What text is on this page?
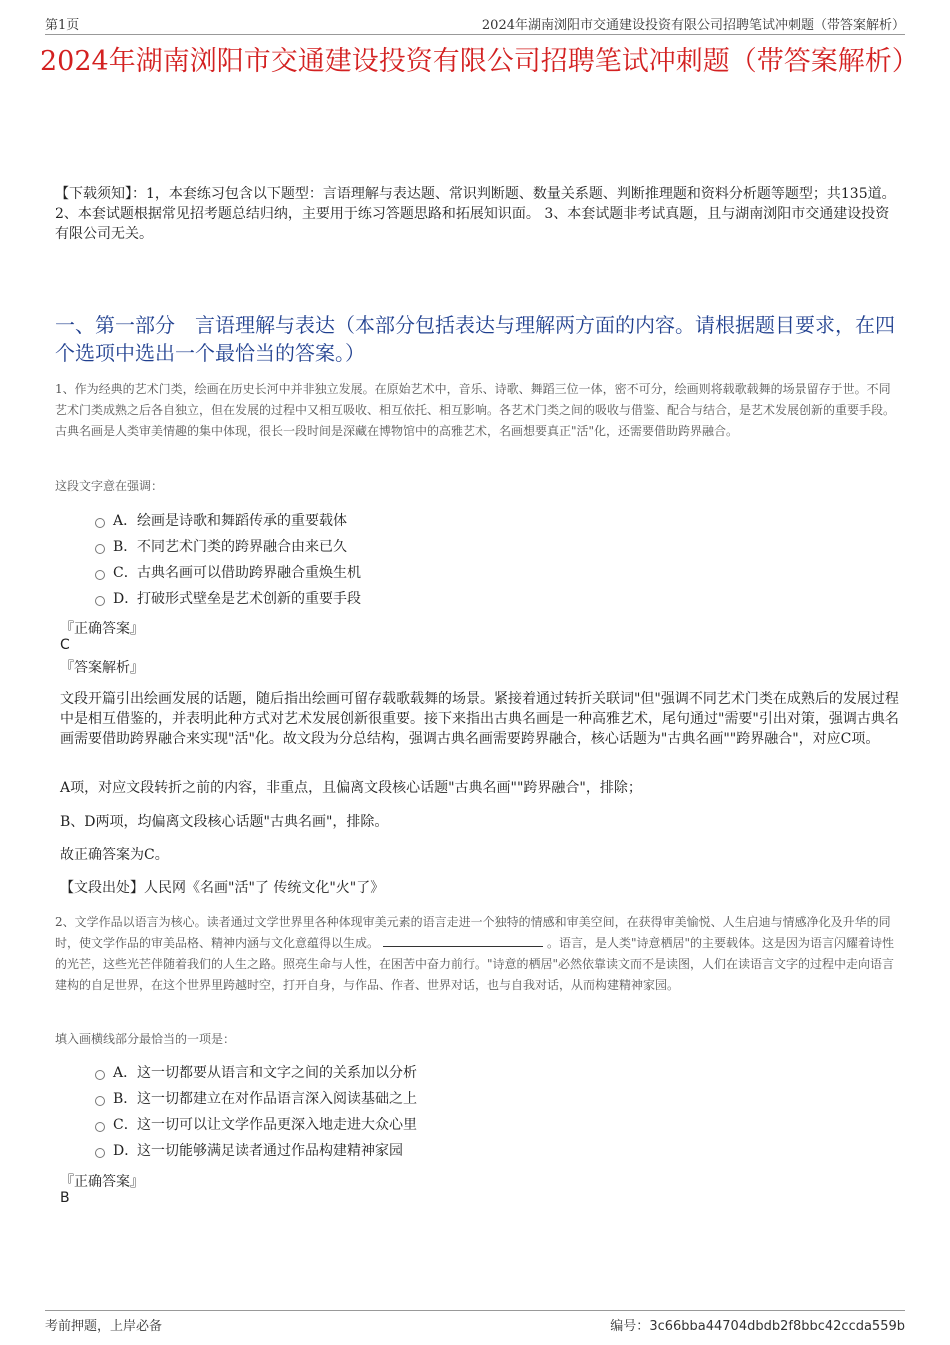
第1页	2024年湖南浏阳市交通建设投资有限公司招聘笔试冲刺题（带答案解析）
2024年湖南浏阳市交通建设投资有限公司招聘笔试冲刺题（带答案解析）
【下载须知】：1，本套练习包含以下题型：言语理解与表达题、常识判断题、数量关系题、判断推理题和资料分析题等题型；共135道。 2、本套试题根据常见招考题总结归纳，主要用于练习答题思路和拓展知识面。 3、本套试题非考试真题，且与湖南浏阳市交通建设投资有限公司无关。
一、第一部分　言语理解与表达（本部分包括表达与理解两方面的内容。请根据题目要求，在四个选项中选出一个最恰当的答案。）
1、作为经典的艺术门类，绘画在历史长河中并非独立发展。在原始艺术中，音乐、诗歌、舞蹈三位一体，密不可分，绘画则将载歌载舞的场景留存于世。不同艺术门类成熟之后各自独立，但在发展的过程中又相互吸收、相互依托、相互影响。各艺术门类之间的吸收与借鉴、配合与结合，是艺术发展创新的重要手段。古典名画是人类审美情趣的集中体现，很长一段时间是深藏在博物馆中的高雅艺术，名画想要真正"活"化，还需要借助跨界融合。
这段文字意在强调：
A．绘画是诗歌和舞蹈传承的重要载体
B．不同艺术门类的跨界融合由来已久
C．古典名画可以借助跨界融合重焕生机
D．打破形式壁垒是艺术创新的重要手段
『正确答案』
C
『答案解析』
文段开篇引出绘画发展的话题，随后指出绘画可留存载歌载舞的场景。紧接着通过转折关联词"但"强调不同艺术门类在成熟后的发展过程中是相互借鉴的，并表明此种方式对艺术发展创新很重要。接下来指出古典名画是一种高雅艺术，尾句通过"需要"引出对策，强调古典名画需要借助跨界融合来实现"活"化。故文段为分总结构，强调古典名画需要跨界融合，核心话题为"古典名画""跨界融合"，对应C项。
A项，对应文段转折之前的内容，非重点，且偏离文段核心话题"古典名画""跨界融合"，排除；
B、D两项，均偏离文段核心话题"古典名画"，排除。
故正确答案为C。
【文段出处】人民网《名画"活"了 传统文化"火"了》
2、文学作品以语言为核心。读者通过文学世界里各种体现审美元素的语言走进一个独特的情感和审美空间，在获得审美愉悦、人生启迪与情感净化及升华的同时，使文学作品的审美品格、精神内涵与文化意蕴得以生成。	。语言，是人类"诗意栖居"的主要载体。这是因为语言闪耀着诗性的光芒，这些光芒伴随着我们的人生之路。照亮生命与人性，在困苦中奋力前行。"诗意的栖居"必然依靠读文而不是读图，人们在读语言文字的过程中走向语言建构的自足世界，在这个世界里跨越时空，打开自身，与作品、作者、世界对话，也与自我对话，从而构建精神家园。
填入画横线部分最恰当的一项是：
A．这一切都要从语言和文字之间的关系加以分析
B．这一切都建立在对作品语言深入阅读基础之上
C．这一切可以让文学作品更深入地走进大众心里
D．这一切能够满足读者通过作品构建精神家园
『正确答案』
B
考前押题，上岸必备	编号：3c66bba44704dbdb2f8bbc42ccda559b
